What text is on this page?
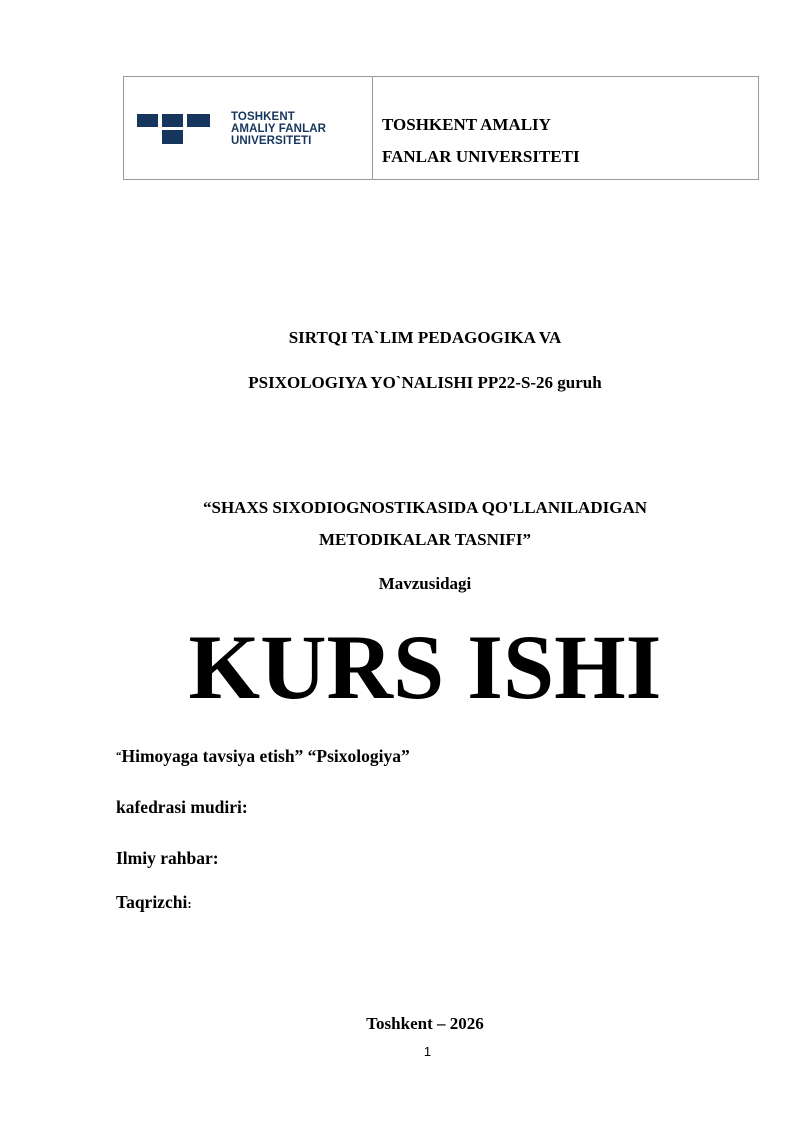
TOSHKENT
AMALIY FANLAR
UNIVERSITETI
TOSHKENT AMALIY
FANLAR UNIVERSITETI
SIRTQI TA`LIM PEDAGOGIKA VA
PSIXOLOGIYA YO`NALISHI PP22-S-26 guruh
“SHAXS SIXODIOGNOSTIKASIDA QO'LLANILADIGAN
METODIKALAR TASNIFI”
Mavzusidagi
KURS ISHI
“Himoyaga tavsiya etish” “Psixologiya”
kafedrasi mudiri:
Ilmiy rahbar:
Taqrizchi:
Toshkent – 2026
1
